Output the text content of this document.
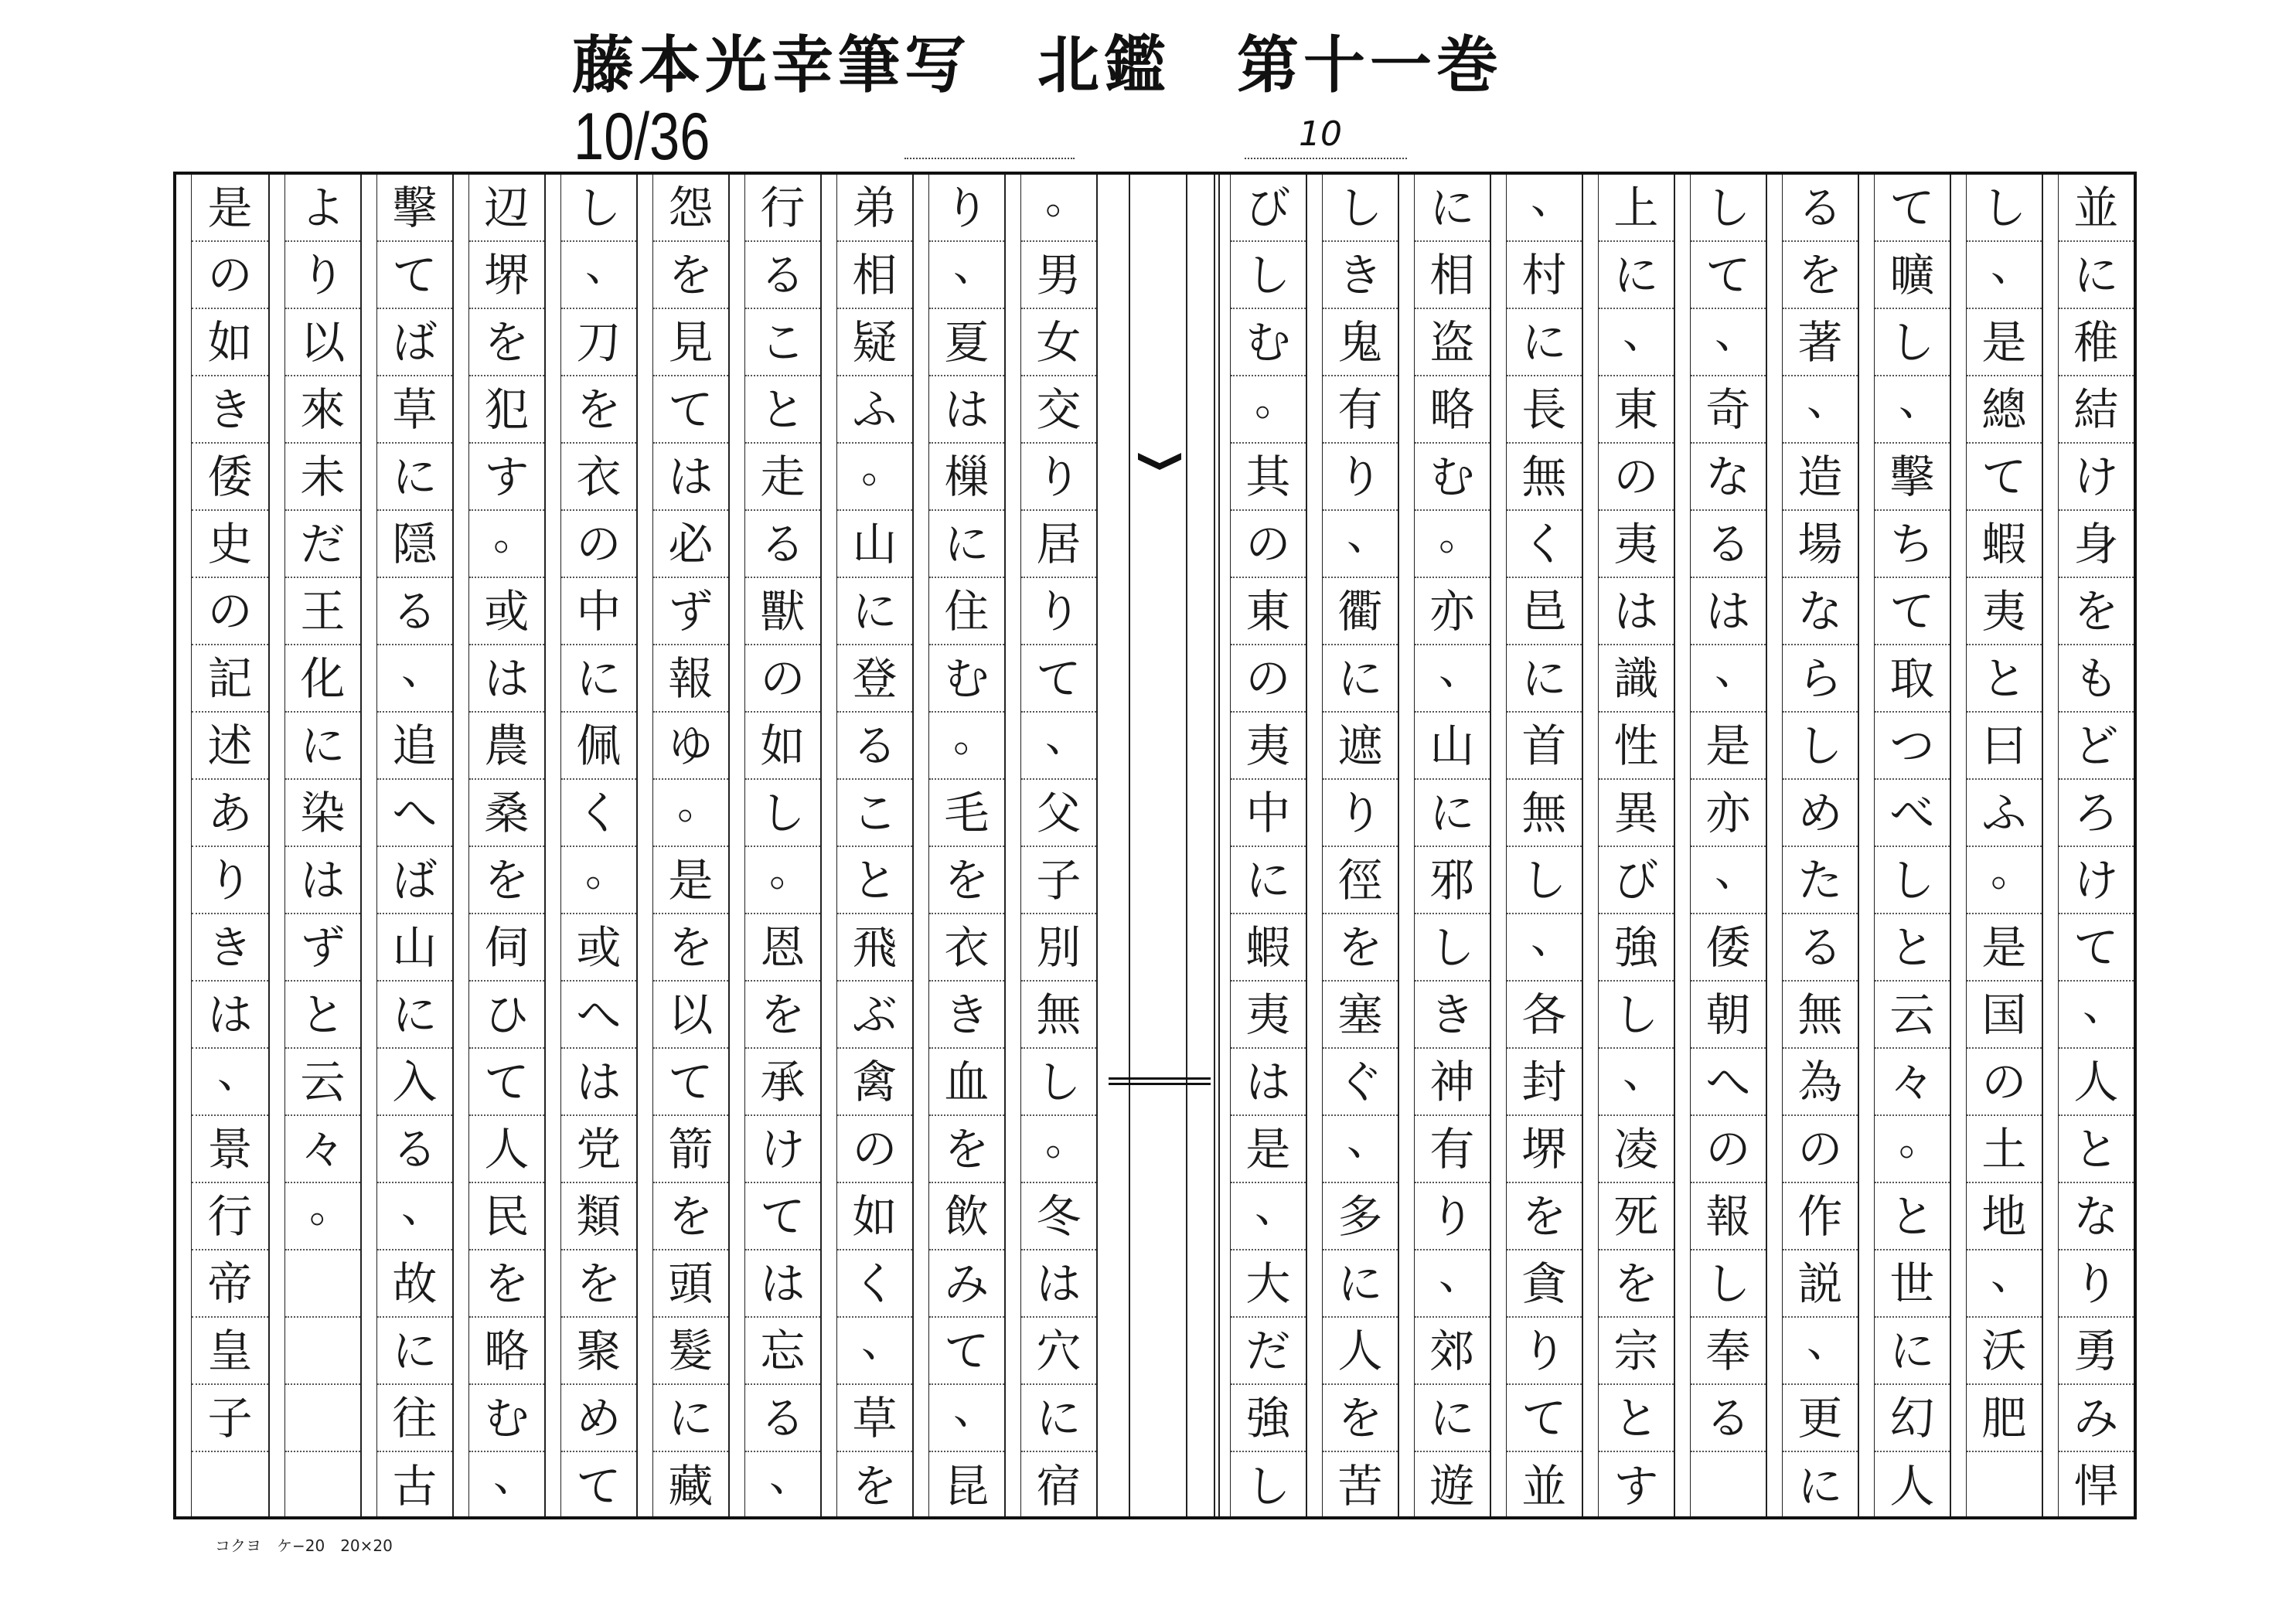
藤本光幸筆写　北鑑　第十一巻
10/36	10
並
に
稚
結
け
身
を
も
ど
ろ
け
て
、
人
と
な
り
勇
み
悍
し
、
是
總
て
蝦
夷
と
曰
ふ
。
是
国
の
土
地
、
沃
肥
て
曠
し
、
擊
ち
て
取
つ
べ
し
と
云
々
。
と
世
に
幻
人
る
を
著
、
造
場
な
ら
し
め
た
る
無
為
の
作
説
、
更
に
し
て
、
奇
な
る
は
、
是
亦
、
倭
朝
へ
の
報
し
奉
る
上
に
、
東
の
夷
は
識
性
異
び
強
し
、
凌
死
を
宗
と
す
、
村
に
長
無
く
邑
に
首
無
し
、
各
封
堺
を
貪
り
て
並
に
相
盗
略
む
。
亦
、
山
に
邪
し
き
神
有
り
、
郊
に
遊
し
き
鬼
有
り
、
衢
に
遮
り
徑
を
塞
ぐ
、
多
に
人
を
苦
び
し
む
。
其
の
東
の
夷
中
に
蝦
夷
は
是
、
大
だ
強
し
。
男
女
交
り
居
り
て
、
父
子
別
無
し
。
冬
は
穴
に
宿
り
、
夏
は
樔
に
住
む
。
毛
を
衣
き
血
を
飲
み
て
、
昆
弟
相
疑
ふ
。
山
に
登
る
こ
と
飛
ぶ
禽
の
如
く
、
草
を
行
る
こ
と
走
る
獸
の
如
し
。
恩
を
承
け
て
は
忘
る
、
怨
を
見
て
は
必
ず
報
ゆ
。
是
を
以
て
箭
を
頭
髮
に
藏
し
、
刀
を
衣
の
中
に
佩
く
。
或
へ
は
党
類
を
聚
め
て
辺
堺
を
犯
す
。
或
は
農
桑
を
伺
ひ
て
人
民
を
略
む
、
擊
て
ば
草
に
隠
る
、
追
へ
ば
山
に
入
る
、
故
に
往
古
よ
り
以
來
未
だ
王
化
に
染
は
ず
と
云
々
。
是
の
如
き
倭
史
の
記
述
あ
り
き
は
、
景
行
帝
皇
子
コクヨ　ケ−20　20×20
